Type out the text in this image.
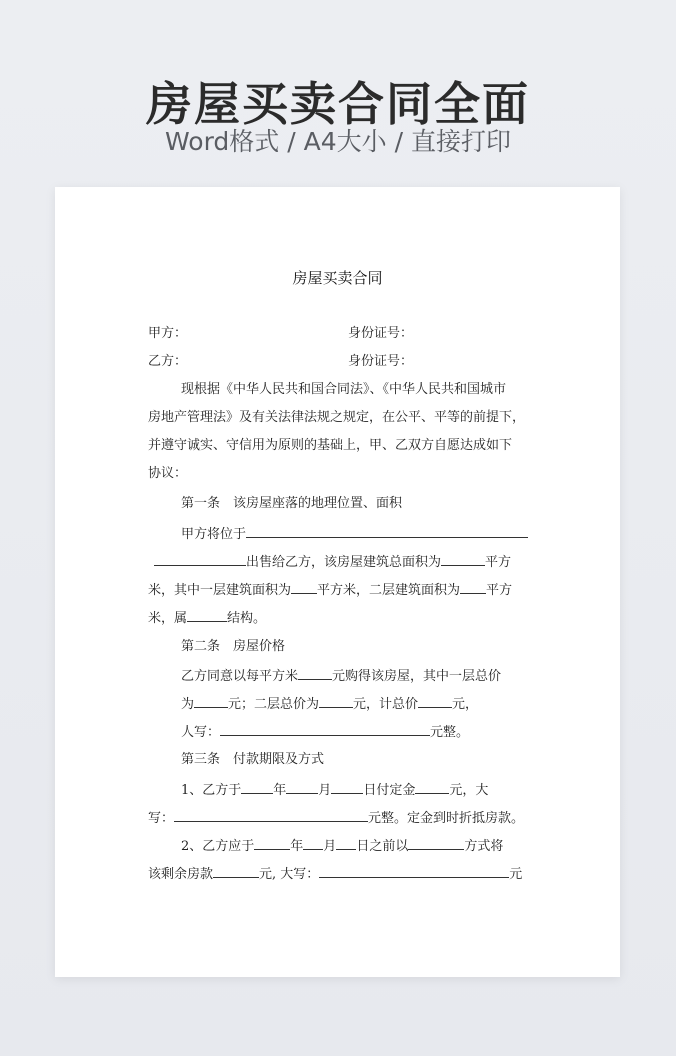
房屋买卖合同全面
Word格式 / A4大小 / 直接打印
房屋买卖合同
甲方：	身份证号：
乙方：	身份证号：
现根据《中华人民共和国合同法》、《中华人民共和国城市
房地产管理法》及有关法律法规之规定，在公平、平等的前提下，
并遵守诚实、守信用为原则的基础上，甲、乙双方自愿达成如下
协议：
第一条　该房屋座落的地理位置、面积
甲方将位于
出售给乙方，该房屋建筑总面积为	平方
米，其中一层建筑面积为 平方米，二层建筑面积为 平方
米，属	结构。
第二条　房屋价格
乙方同意以每平方米	元购得该房屋，其中一层总价
为	元；二层总价为	元，计总价	元，
人写：	元整。
第三条　付款期限及方式
1、乙方于 年 月 日付定金	元，大
写：	元整。定金到时折抵房款。
2、乙方应于	年 月 日之前以	方式将
该剩余房款	元, 大写：	元
